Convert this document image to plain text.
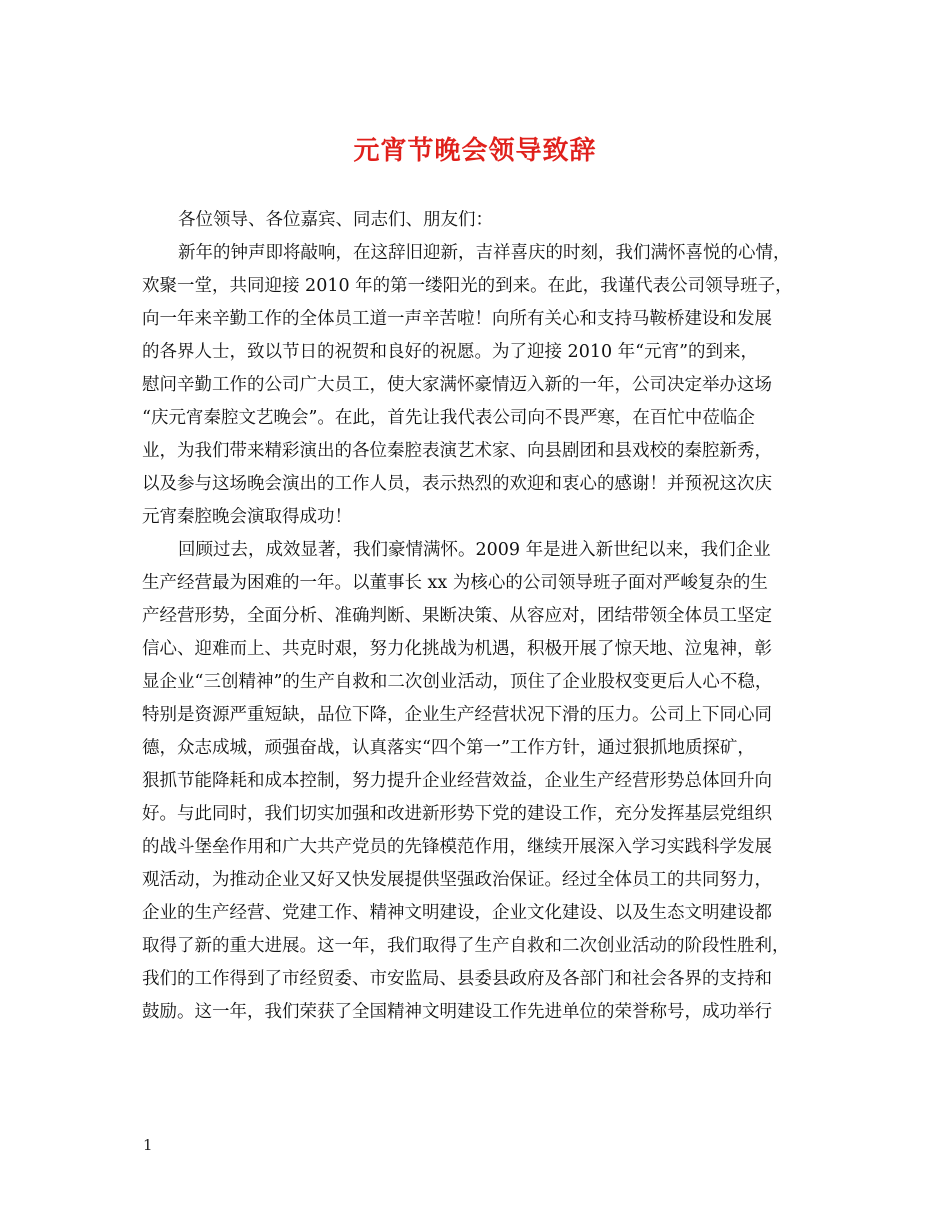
元宵节晚会领导致辞
各位领导、各位嘉宾、同志们、朋友们：
新年的钟声即将敲响，在这辞旧迎新，吉祥喜庆的时刻，我们满怀喜悦的心情，
欢聚一堂，共同迎接 2010 年的第一缕阳光的到来。在此，我谨代表公司领导班子，
向一年来辛勤工作的全体员工道一声辛苦啦！向所有关心和支持马鞍桥建设和发展
的各界人士，致以节日的祝贺和良好的祝愿。为了迎接 2010 年“元宵”的到来，
慰问辛勤工作的公司广大员工，使大家满怀豪情迈入新的一年，公司决定举办这场
“庆元宵秦腔文艺晚会”。在此，首先让我代表公司向不畏严寒，在百忙中莅临企
业，为我们带来精彩演出的各位秦腔表演艺术家、向县剧团和县戏校的秦腔新秀，
以及参与这场晚会演出的工作人员，表示热烈的欢迎和衷心的感谢！并预祝这次庆
元宵秦腔晚会演取得成功！
回顾过去，成效显著，我们豪情满怀。2009 年是进入新世纪以来，我们企业
生产经营最为困难的一年。以董事长 xx 为核心的公司领导班子面对严峻复杂的生
产经营形势，全面分析、准确判断、果断决策、从容应对，团结带领全体员工坚定
信心、迎难而上、共克时艰，努力化挑战为机遇，积极开展了惊天地、泣鬼神，彰
显企业“三创精神”的生产自救和二次创业活动，顶住了企业股权变更后人心不稳，
特别是资源严重短缺，品位下降，企业生产经营状况下滑的压力。公司上下同心同
德，众志成城，顽强奋战，认真落实“四个第一”工作方针，通过狠抓地质探矿，
狠抓节能降耗和成本控制，努力提升企业经营效益，企业生产经营形势总体回升向
好。与此同时，我们切实加强和改进新形势下党的建设工作，充分发挥基层党组织
的战斗堡垒作用和广大共产党员的先锋模范作用，继续开展深入学习实践科学发展
观活动，为推动企业又好又快发展提供坚强政治保证。经过全体员工的共同努力，
企业的生产经营、党建工作、精神文明建设，企业文化建设、以及生态文明建设都
取得了新的重大进展。这一年，我们取得了生产自救和二次创业活动的阶段性胜利，
我们的工作得到了市经贸委、市安监局、县委县政府及各部门和社会各界的支持和
鼓励。这一年，我们荣获了全国精神文明建设工作先进单位的荣誉称号，成功举行
1
